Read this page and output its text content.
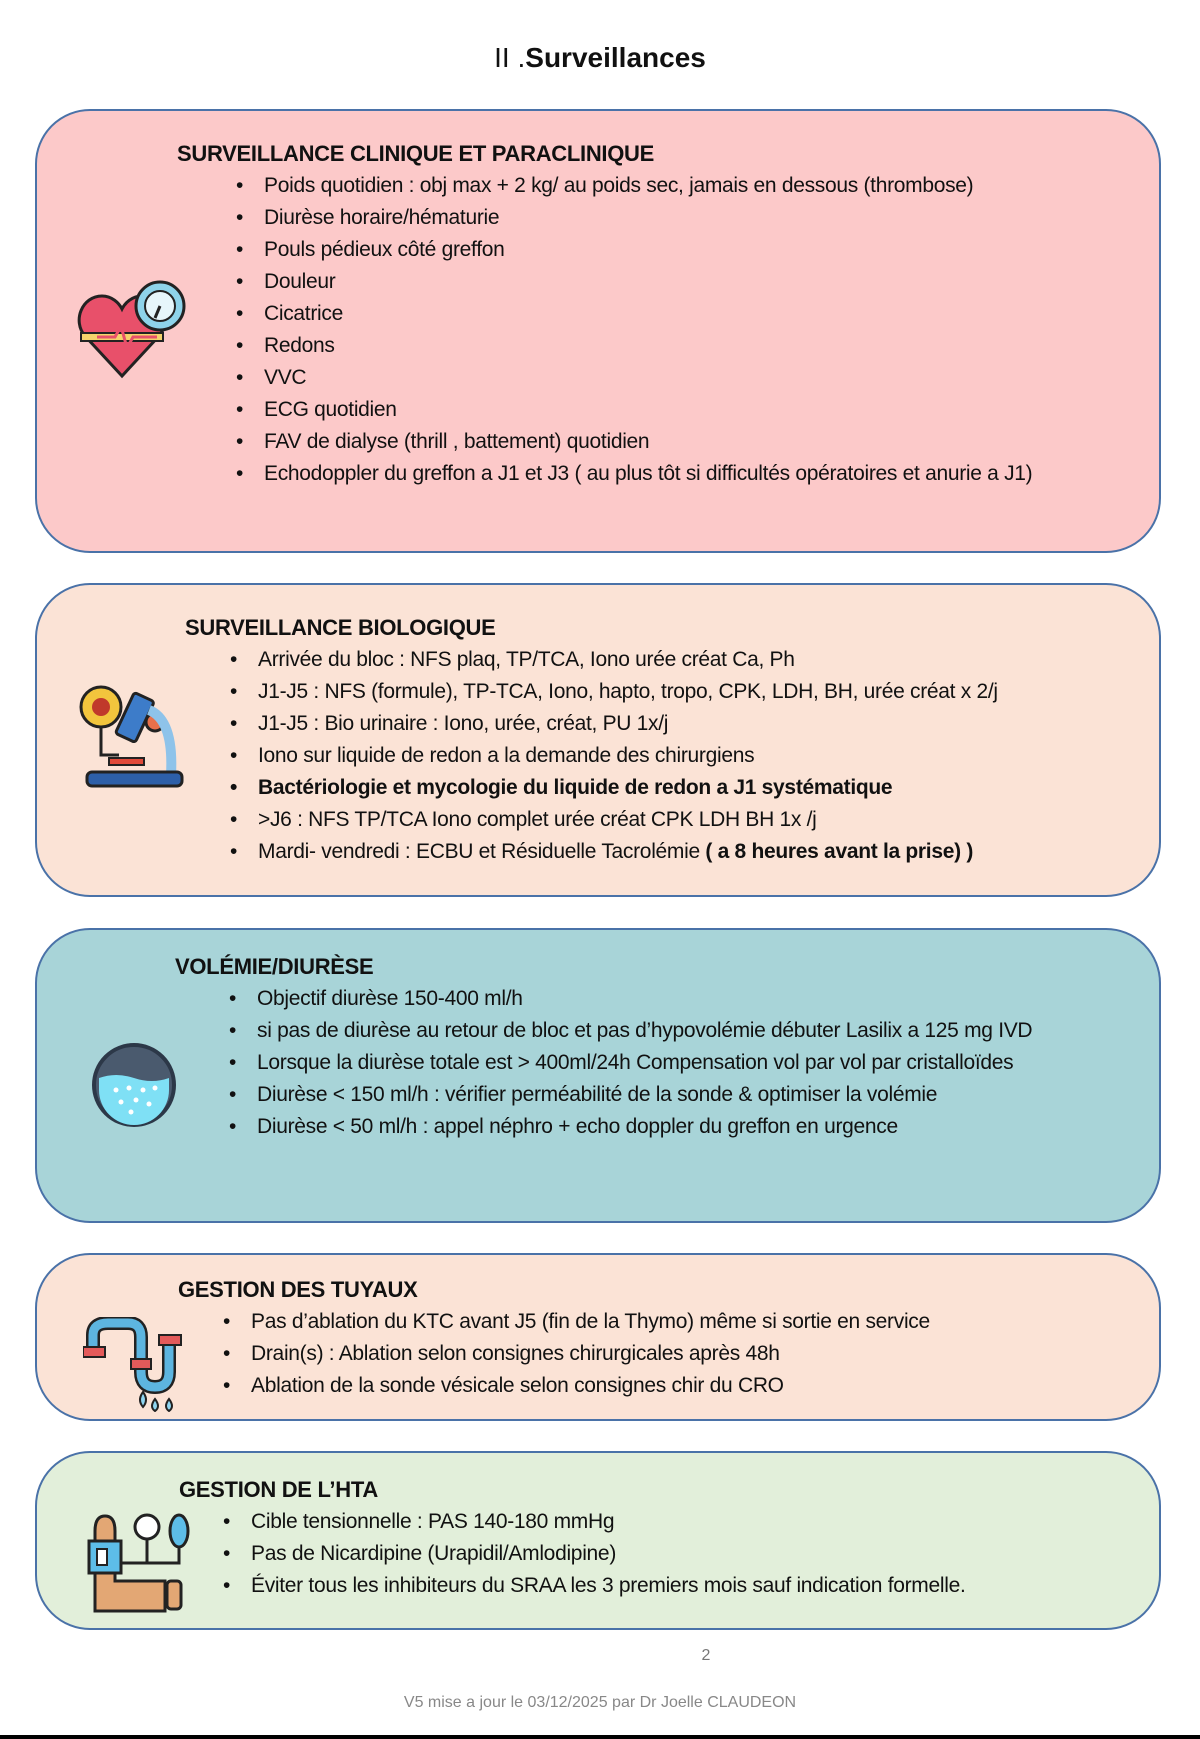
II .Surveillances
SURVEILLANCE CLINIQUE ET PARACLINIQUE
• Poids quotidien : obj max + 2 kg/ au poids sec, jamais en dessous (thrombose)
• Diurèse horaire/hématurie
• Pouls pédieux côté greffon
• Douleur
• Cicatrice
• Redons
• VVC
• ECG quotidien
• FAV de dialyse (thrill , battement) quotidien
• Echodoppler du greffon a J1 et J3 ( au plus tôt si difficultés opératoires et anurie a J1)
SURVEILLANCE BIOLOGIQUE
• Arrivée du bloc : NFS plaq, TP/TCA, Iono urée créat Ca, Ph
• J1-J5 : NFS (formule), TP-TCA, Iono, hapto, tropo, CPK, LDH, BH, urée créat x 2/j
• J1-J5 : Bio urinaire : Iono, urée, créat, PU 1x/j
• Iono sur liquide de redon a la demande des chirurgiens
• Bactériologie et mycologie du liquide de redon a J1 systématique
• >J6 : NFS TP/TCA Iono complet urée créat CPK LDH BH 1x /j
• Mardi- vendredi : ECBU et Résiduelle Tacrolémie ( a 8 heures avant la prise) )
VOLÉMIE/DIURÈSE
• Objectif diurèse 150-400 ml/h
• si pas de diurèse au retour de bloc et pas d’hypovolémie débuter Lasilix a 125 mg IVD
• Lorsque la diurèse totale est > 400ml/24h Compensation vol par vol par cristalloïdes
• Diurèse < 150 ml/h : vérifier perméabilité de la sonde & optimiser la volémie
• Diurèse < 50 ml/h : appel néphro + echo doppler du greffon en urgence
GESTION DES TUYAUX
• Pas d’ablation du KTC avant J5 (fin de la Thymo) même si sortie en service
• Drain(s) : Ablation selon consignes chirurgicales après 48h
• Ablation de la sonde vésicale selon consignes chir du CRO
GESTION DE L’HTA
• Cible tensionnelle : PAS 140-180 mmHg
• Pas de Nicardipine (Urapidil/Amlodipine)
• Éviter tous les inhibiteurs du SRAA les 3 premiers mois sauf indication formelle.
2
V5 mise a jour le 03/12/2025 par Dr Joelle CLAUDEON
